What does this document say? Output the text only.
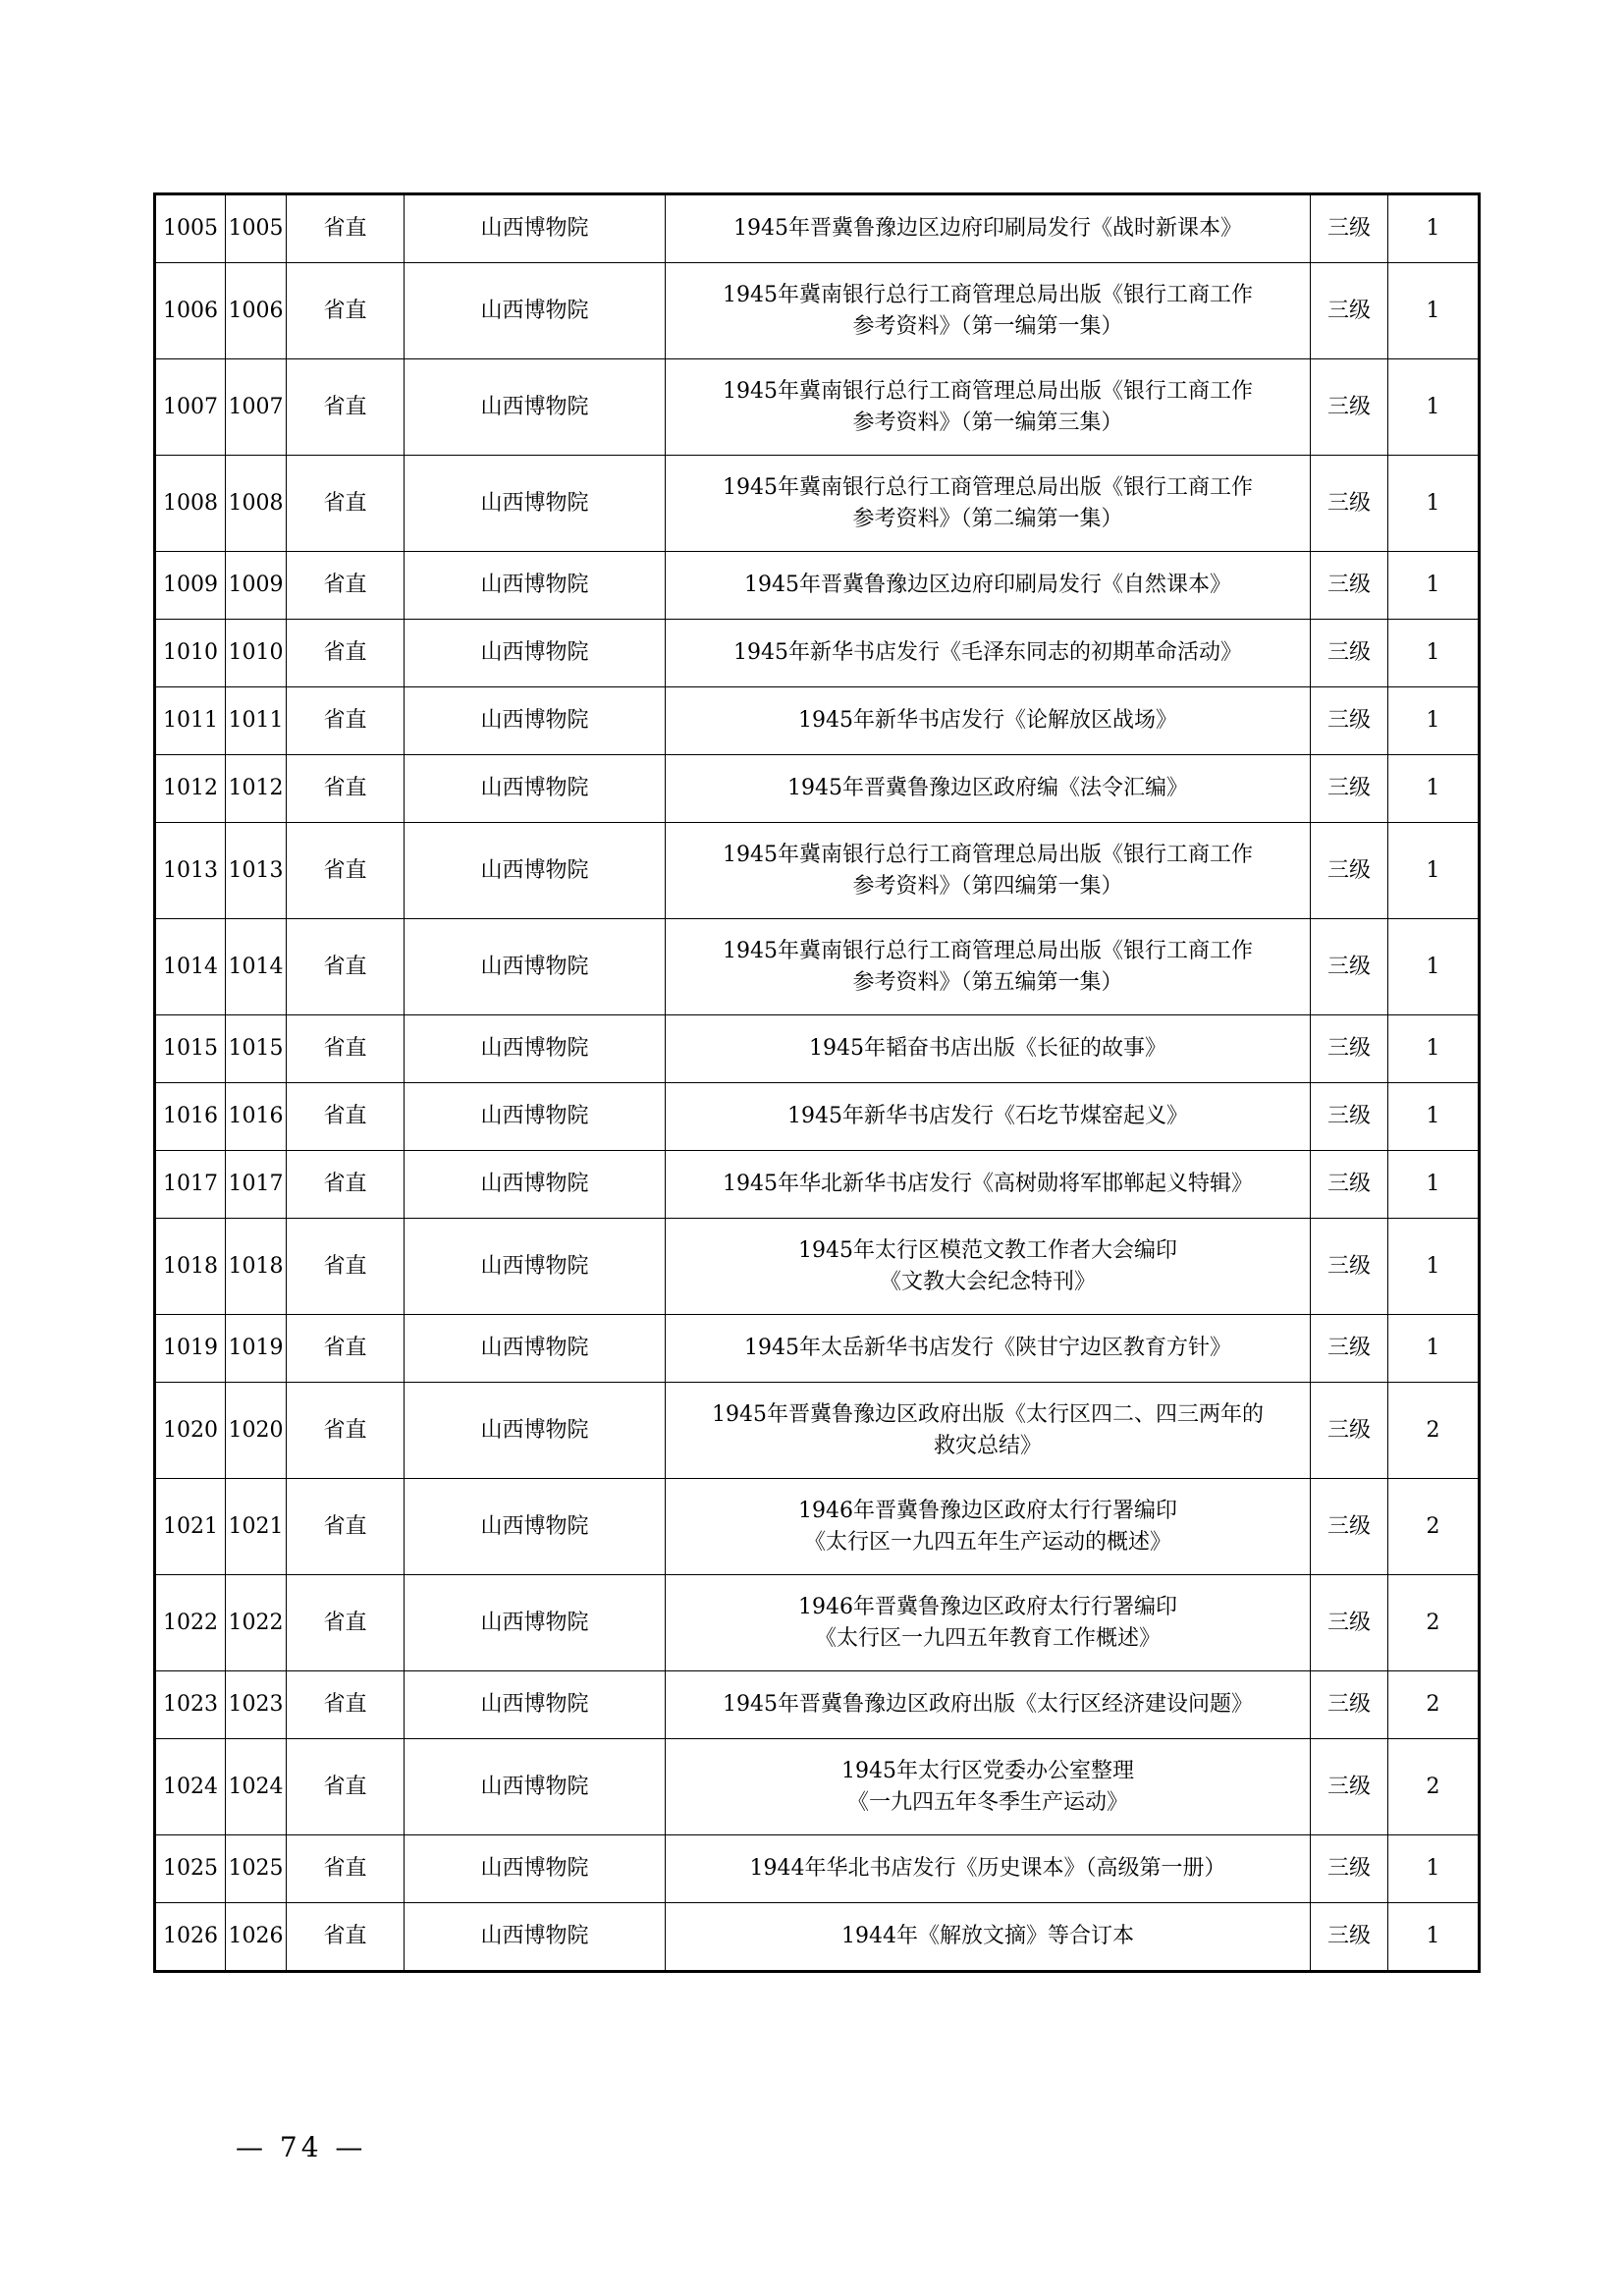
1005	1005	省直	山西博物院	1945年晋冀鲁豫边区边府印刷局发行《战时新课本》	三级	1
1006	1006	省直	山西博物院	1945年冀南银行总行工商管理总局出版《银行工商工作
参考资料》（第一编第一集）	三级	1
1007	1007	省直	山西博物院	1945年冀南银行总行工商管理总局出版《银行工商工作
参考资料》（第一编第三集）	三级	1
1008	1008	省直	山西博物院	1945年冀南银行总行工商管理总局出版《银行工商工作
参考资料》（第二编第一集）	三级	1
1009	1009	省直	山西博物院	1945年晋冀鲁豫边区边府印刷局发行《自然课本》	三级	1
1010	1010	省直	山西博物院	1945年新华书店发行《毛泽东同志的初期革命活动》	三级	1
1011	1011	省直	山西博物院	1945年新华书店发行《论解放区战场》	三级	1
1012	1012	省直	山西博物院	1945年晋冀鲁豫边区政府编《法令汇编》	三级	1
1013	1013	省直	山西博物院	1945年冀南银行总行工商管理总局出版《银行工商工作
参考资料》（第四编第一集）	三级	1
1014	1014	省直	山西博物院	1945年冀南银行总行工商管理总局出版《银行工商工作
参考资料》（第五编第一集）	三级	1
1015	1015	省直	山西博物院	1945年韬奋书店出版《长征的故事》	三级	1
1016	1016	省直	山西博物院	1945年新华书店发行《石圪节煤窑起义》	三级	1
1017	1017	省直	山西博物院	1945年华北新华书店发行《高树勋将军邯郸起义特辑》	三级	1
1018	1018	省直	山西博物院	1945年太行区模范文教工作者大会编印
《文教大会纪念特刊》	三级	1
1019	1019	省直	山西博物院	1945年太岳新华书店发行《陕甘宁边区教育方针》	三级	1
1020	1020	省直	山西博物院	1945年晋冀鲁豫边区政府出版《太行区四二、四三两年的
救灾总结》	三级	2
1021	1021	省直	山西博物院	1946年晋冀鲁豫边区政府太行行署编印
《太行区一九四五年生产运动的概述》	三级	2
1022	1022	省直	山西博物院	1946年晋冀鲁豫边区政府太行行署编印
《太行区一九四五年教育工作概述》	三级	2
1023	1023	省直	山西博物院	1945年晋冀鲁豫边区政府出版《太行区经济建设问题》	三级	2
1024	1024	省直	山西博物院	1945年太行区党委办公室整理
《一九四五年冬季生产运动》	三级	2
1025	1025	省直	山西博物院	1944年华北书店发行《历史课本》（高级第一册）	三级	1
1026	1026	省直	山西博物院	1944年《解放文摘》等合订本	三级	1
— 74 —
